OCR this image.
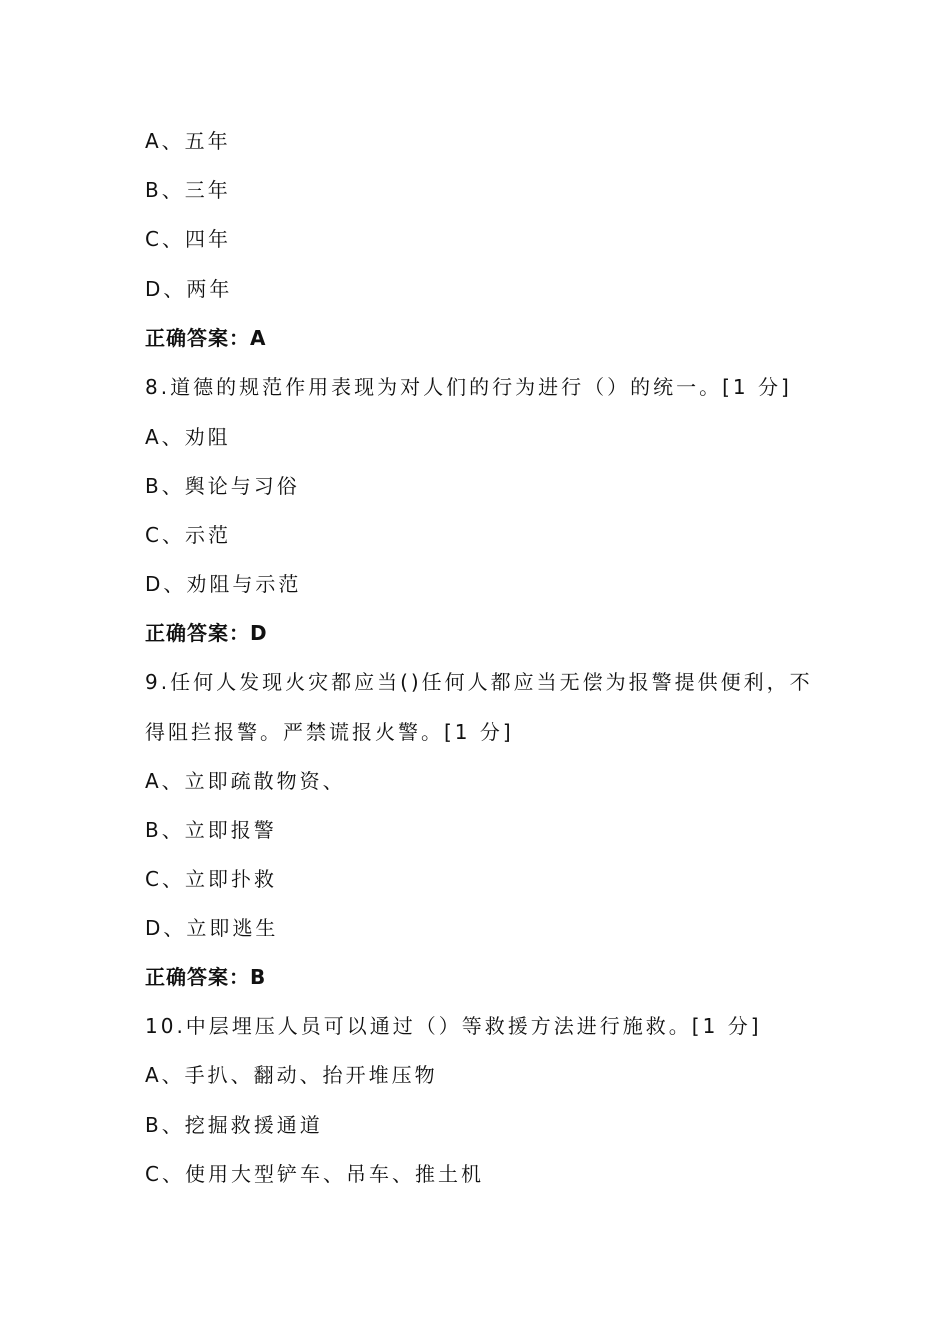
A、五年
B、三年
C、四年
D、两年
正确答案：A
8.道德的规范作用表现为对人们的行为进行（）的统一。[1 分]
A、劝阻
B、舆论与习俗
C、示范
D、劝阻与示范
正确答案：D
9.任何人发现火灾都应当()任何人都应当无偿为报警提供便利，不
得阻拦报警。严禁谎报火警。[1 分]
A、立即疏散物资、
B、立即报警
C、立即扑救
D、立即逃生
正确答案：B
10.中层埋压人员可以通过（）等救援方法进行施救。[1 分]
A、手扒、翻动、抬开堆压物
B、挖掘救援通道
C、使用大型铲车、吊车、推土机
